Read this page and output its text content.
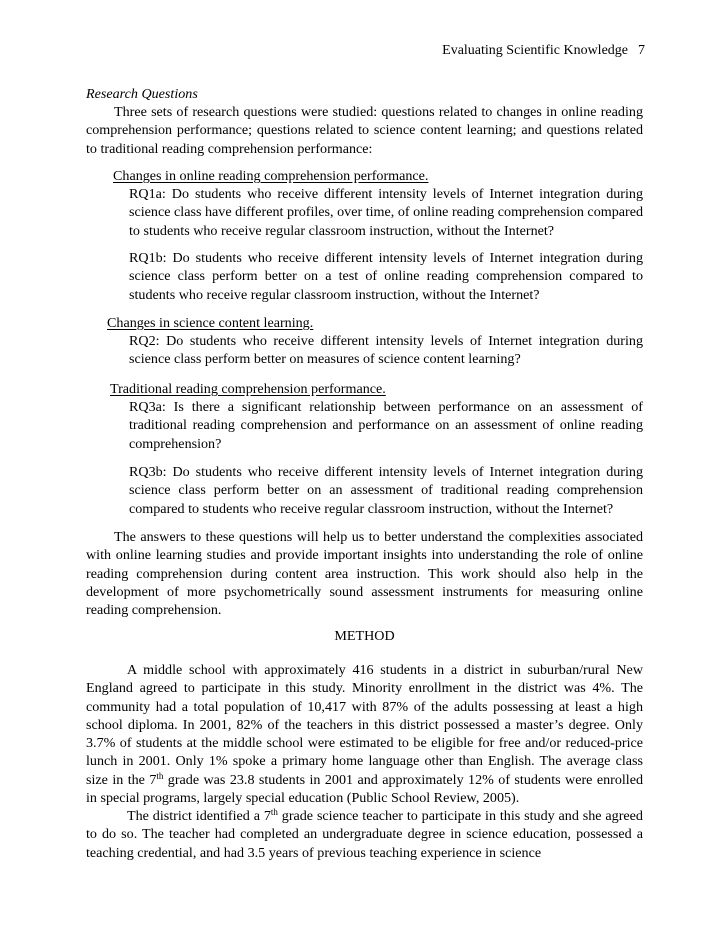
Evaluating Scientific Knowledge 7

Research Questions

Three sets of research questions were studied: questions related to changes in online reading comprehension performance; questions related to science content learning; and questions related to traditional reading comprehension performance:

Changes in online reading comprehension performance.

RQ1a: Do students who receive different intensity levels of Internet integration during science class have different profiles, over time, of online reading comprehension compared to students who receive regular classroom instruction, without the Internet?

RQ1b: Do students who receive different intensity levels of Internet integration during science class perform better on a test of online reading comprehension compared to students who receive regular classroom instruction, without the Internet?

Changes in science content learning.

RQ2: Do students who receive different intensity levels of Internet integration during science class perform better on measures of science content learning?

Traditional reading comprehension performance.

RQ3a: Is there a significant relationship between performance on an assessment of traditional reading comprehension and performance on an assessment of online reading comprehension?

RQ3b: Do students who receive different intensity levels of Internet integration during science class perform better on an assessment of traditional reading comprehension compared to students who receive regular classroom instruction, without the Internet?

The answers to these questions will help us to better understand the complexities associated with online learning studies and provide important insights into understanding the role of online reading comprehension during content area instruction. This work should also help in the development of more psychometrically sound assessment instruments for measuring online reading comprehension.

METHOD

A middle school with approximately 416 students in a district in suburban/rural New England agreed to participate in this study. Minority enrollment in the district was 4%. The community had a total population of 10,417 with 87% of the adults possessing at least a high school diploma. In 2001, 82% of the teachers in this district possessed a master’s degree. Only 3.7% of students at the middle school were estimated to be eligible for free and/or reduced-price lunch in 2001. Only 1% spoke a primary home language other than English. The average class size in the 7th grade was 23.8 students in 2001 and approximately 12% of students were enrolled in special programs, largely special education (Public School Review, 2005).

The district identified a 7th grade science teacher to participate in this study and she agreed to do so. The teacher had completed an undergraduate degree in science education, possessed a teaching credential, and had 3.5 years of previous teaching experience in science
